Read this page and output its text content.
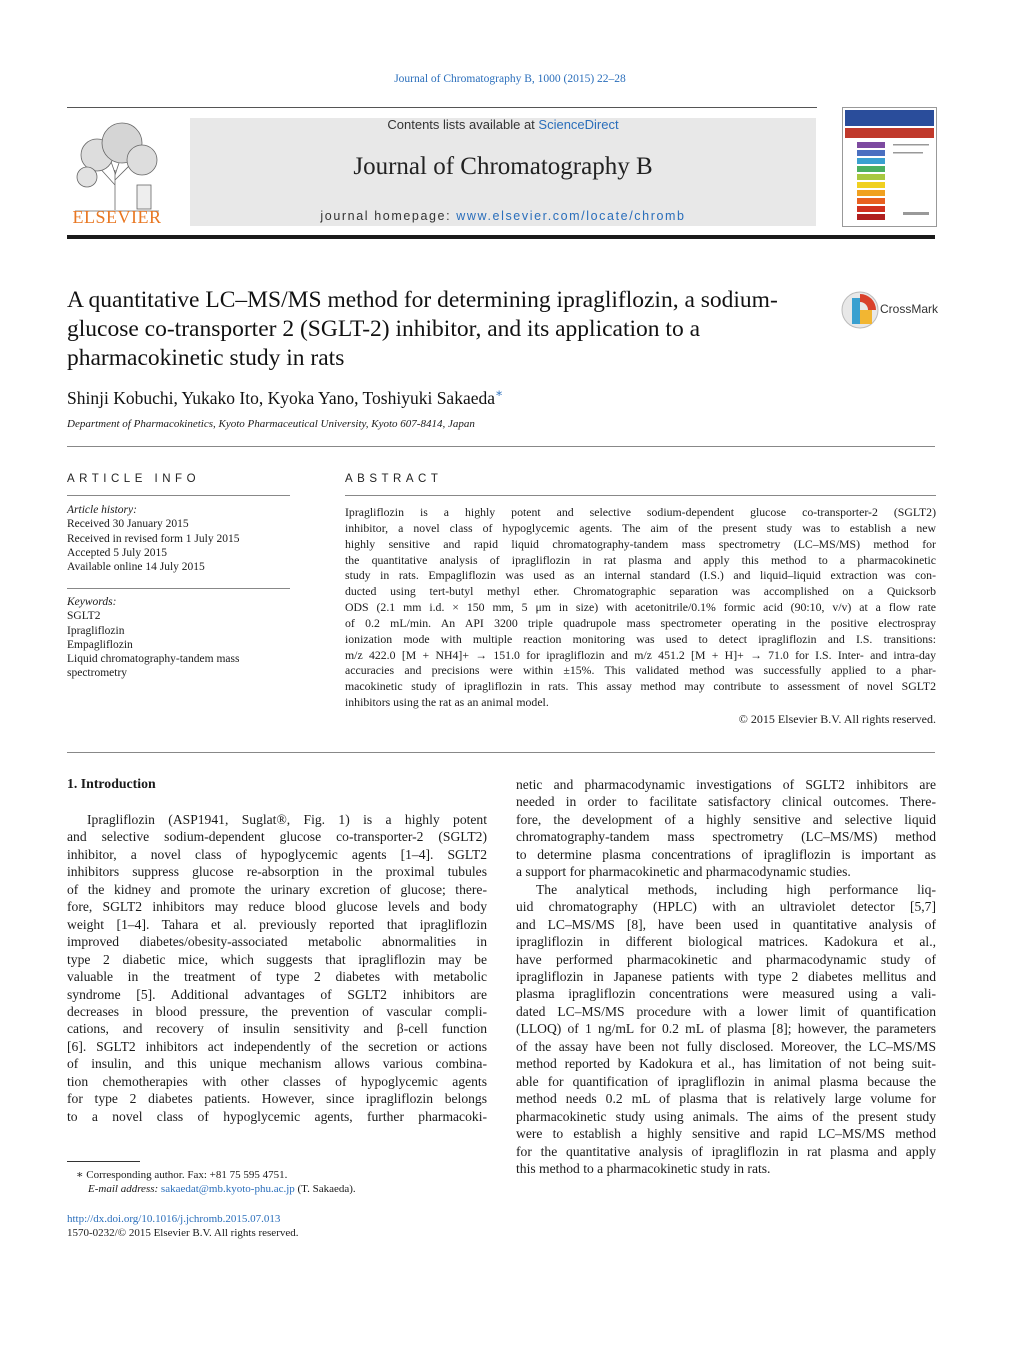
Journal of Chromatography B, 1000 (2015) 22–28
ELSEVIER
Contents lists available at ScienceDirect
Journal of Chromatography B
journal homepage: www.elsevier.com/locate/chromb
A quantitative LC–MS/MS method for determining ipragliflozin, a sodium-glucose co-transporter 2 (SGLT-2) inhibitor, and its application to a pharmacokinetic study in rats
CrossMark
Shinji Kobuchi, Yukako Ito, Kyoka Yano, Toshiyuki Sakaeda∗
Department of Pharmacokinetics, Kyoto Pharmaceutical University, Kyoto 607-8414, Japan
ARTICLE INFO
Article history:
Received 30 January 2015
Received in revised form 1 July 2015
Accepted 5 July 2015
Available online 14 July 2015
Keywords:
SGLT2
Ipragliflozin
Empagliflozin
Liquid chromatography-tandem mass
spectrometry
ABSTRACT
Ipragliflozin is a highly potent and selective sodium-dependent glucose co-transporter-2 (SGLT2)
inhibitor, a novel class of hypoglycemic agents. The aim of the present study was to establish a new
highly sensitive and rapid liquid chromatography-tandem mass spectrometry (LC–MS/MS) method for
the quantitative analysis of ipragliflozin in rat plasma and apply this method to a pharmacokinetic
study in rats. Empagliflozin was used as an internal standard (I.S.) and liquid–liquid extraction was con-
ducted using tert-butyl methyl ether. Chromatographic separation was accomplished on a Quicksorb
ODS (2.1 mm i.d. × 150 mm, 5 μm in size) with acetonitrile/0.1% formic acid (90:10, v/v) at a flow rate
of 0.2 mL/min. An API 3200 triple quadrupole mass spectrometer operating in the positive electrospray
ionization mode with multiple reaction monitoring was used to detect ipragliflozin and I.S. transitions:
m/z 422.0 [M + NH4]+ → 151.0 for ipragliflozin and m/z 451.2 [M + H]+ → 71.0 for I.S. Inter- and intra-day
accuracies and precisions were within ±15%. This validated method was successfully applied to a phar-
macokinetic study of ipragliflozin in rats. This assay method may contribute to assessment of novel SGLT2
inhibitors using the rat as an animal model.
© 2015 Elsevier B.V. All rights reserved.
1. Introduction
Ipragliflozin (ASP1941, Suglat®, Fig. 1) is a highly potent
and selective sodium-dependent glucose co-transporter-2 (SGLT2)
inhibitor, a novel class of hypoglycemic agents [1–4]. SGLT2
inhibitors suppress glucose re-absorption in the proximal tubules
of the kidney and promote the urinary excretion of glucose; there-
fore, SGLT2 inhibitors may reduce blood glucose levels and body
weight [1–4]. Tahara et al. previously reported that ipragliflozin
improved diabetes/obesity-associated metabolic abnormalities in
type 2 diabetic mice, which suggests that ipragliflozin may be
valuable in the treatment of type 2 diabetes with metabolic
syndrome [5]. Additional advantages of SGLT2 inhibitors are
decreases in blood pressure, the prevention of vascular compli-
cations, and recovery of insulin sensitivity and β-cell function
[6]. SGLT2 inhibitors act independently of the secretion or actions
of insulin, and this unique mechanism allows various combina-
tion chemotherapies with other classes of hypoglycemic agents
for type 2 diabetes patients. However, since ipragliflozin belongs
to a novel class of hypoglycemic agents, further pharmacoki-
netic and pharmacodynamic investigations of SGLT2 inhibitors are
needed in order to facilitate satisfactory clinical outcomes. There-
fore, the development of a highly sensitive and selective liquid
chromatography-tandem mass spectrometry (LC–MS/MS) method
to determine plasma concentrations of ipragliflozin is important as
a support for pharmacokinetic and pharmacodynamic studies.
The analytical methods, including high performance liq-
uid chromatography (HPLC) with an ultraviolet detector [5,7]
and LC–MS/MS [8], have been used in quantitative analysis of
ipragliflozin in different biological matrices. Kadokura et al.,
have performed pharmacokinetic and pharmacodynamic study of
ipragliflozin in Japanese patients with type 2 diabetes mellitus and
plasma ipragliflozin concentrations were measured using a vali-
dated LC–MS/MS procedure with a lower limit of quantification
(LLOQ) of 1 ng/mL for 0.2 mL of plasma [8]; however, the parameters
of the assay have been not fully disclosed. Moreover, the LC–MS/MS
method reported by Kadokura et al., has limitation of not being suit-
able for quantification of ipragliflozin in animal plasma because the
method needs 0.2 mL of plasma that is relatively large volume for
pharmacokinetic study using animals. The aims of the present study
were to establish a highly sensitive and rapid LC–MS/MS method
for the quantitative analysis of ipragliflozin in rat plasma and apply
this method to a pharmacokinetic study in rats.
∗ Corresponding author. Fax: +81 75 595 4751.
E-mail address: sakaedat@mb.kyoto-phu.ac.jp (T. Sakaeda).
http://dx.doi.org/10.1016/j.jchromb.2015.07.013
1570-0232/© 2015 Elsevier B.V. All rights reserved.
